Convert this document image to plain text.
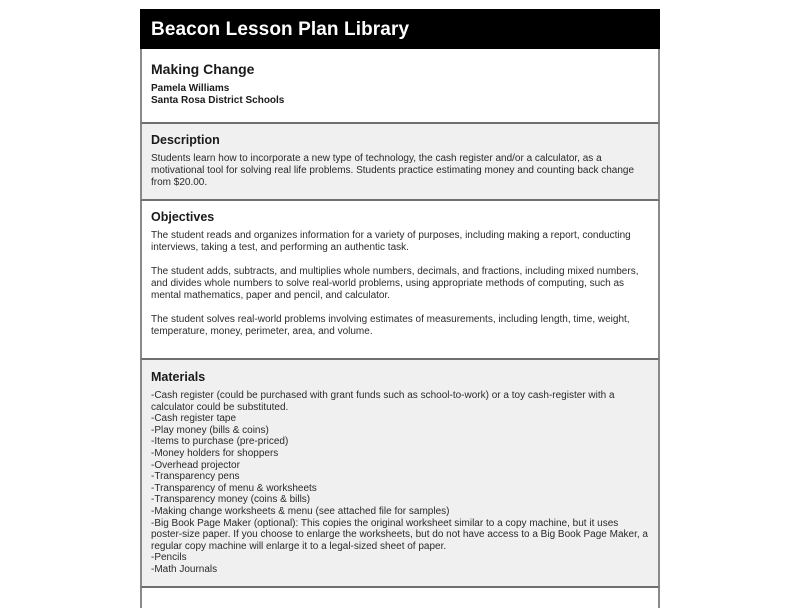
Beacon Lesson Plan Library
Making Change
Pamela Williams
Santa Rosa District Schools
Description

Students learn how to incorporate a new type of technology, the cash register and/or a calculator, as a motivational tool for solving real life problems. Students practice estimating money and counting back change from $20.00.

Objectives

The student reads and organizes information for a variety of purposes, including making a report, conducting interviews, taking a test, and performing an authentic task.

The student adds, subtracts, and multiplies whole numbers, decimals, and fractions, including mixed numbers, and divides whole numbers to solve real-world problems, using appropriate methods of computing, such as mental mathematics, paper and pencil, and calculator.

The student solves real-world problems involving estimates of measurements, including length, time, weight, temperature, money, perimeter, area, and volume.

Materials
-Cash register (could be purchased with grant funds such as school-to-work) or a toy cash-register with a calculator could be substituted.
-Cash register tape
-Play money (bills & coins)
-Items to purchase (pre-priced)
-Money holders for shoppers
-Overhead projector
-Transparency pens
-Transparency of menu & worksheets
-Transparency money (coins & bills)
-Making change worksheets & menu (see attached file for samples)
-Big Book Page Maker (optional): This copies the original worksheet similar to a copy machine, but it uses poster-size paper. If you choose to enlarge the worksheets, but do not have access to a Big Book Page Maker, a regular copy machine will enlarge it to a legal-sized sheet of paper.
-Pencils
-Math Journals
